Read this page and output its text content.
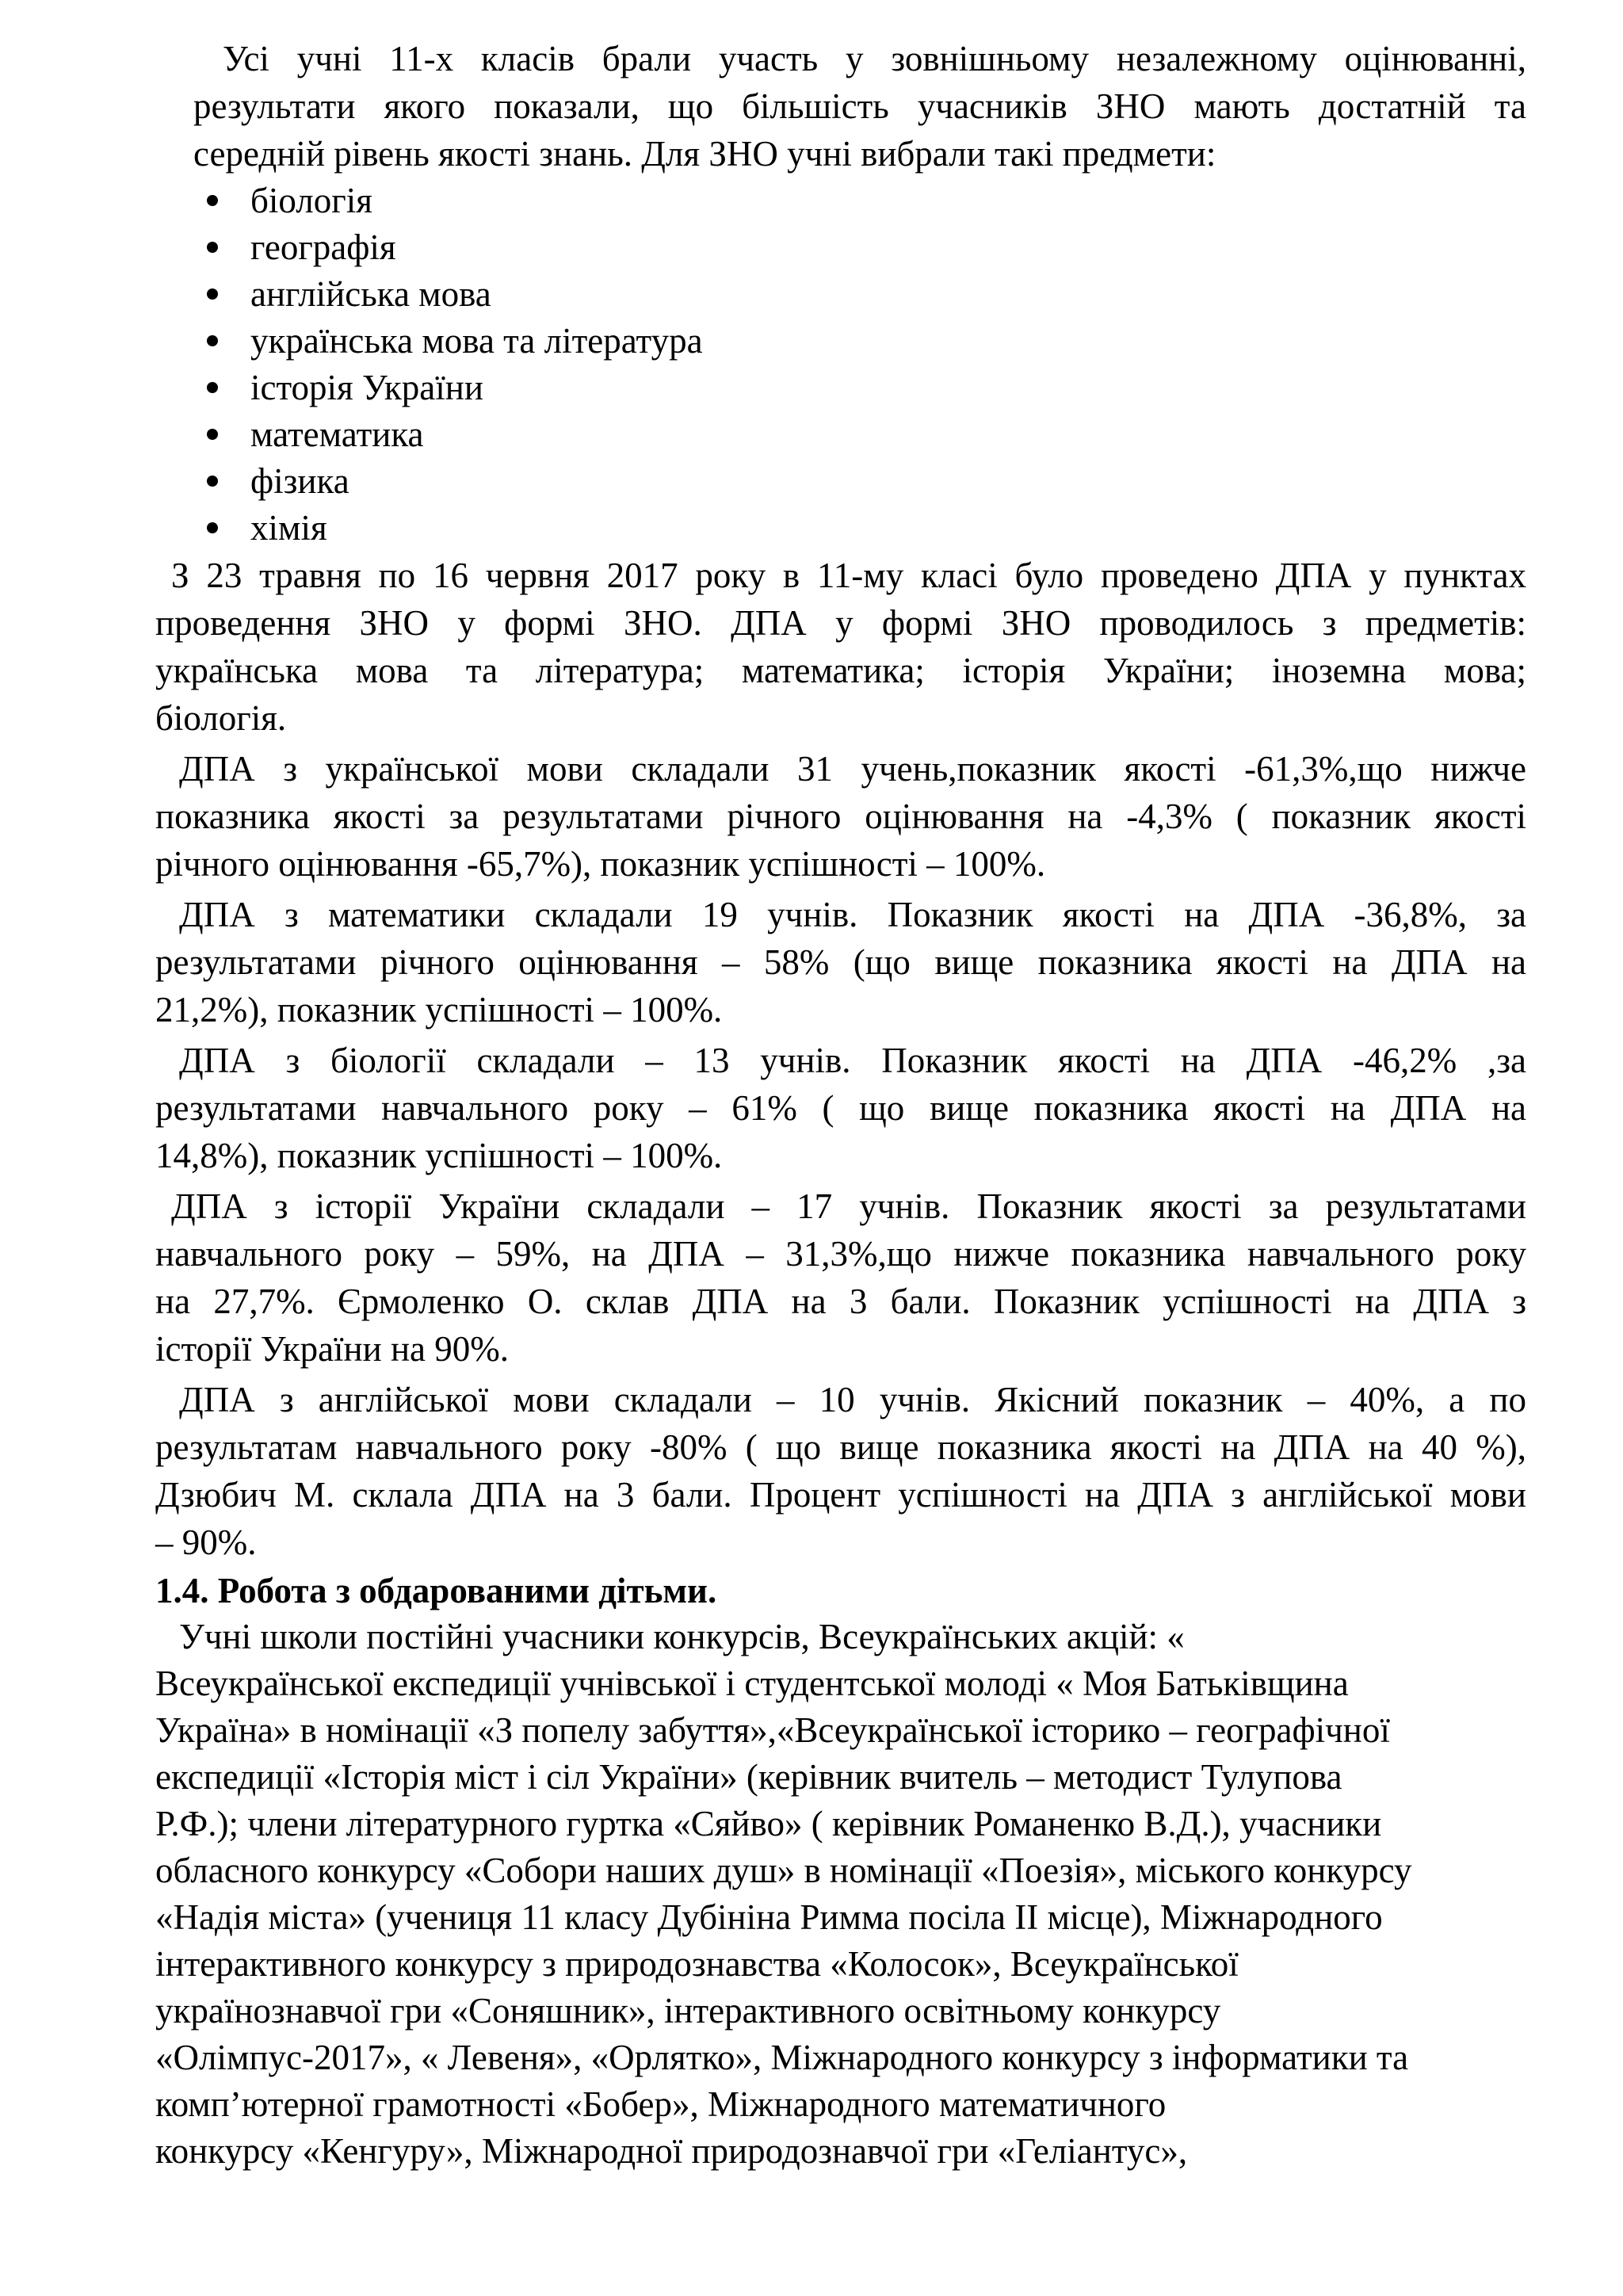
Усі учні 11-х класів брали участь у зовнішньому незалежному оцінюванні,

результати якого показали, що більшість учасників ЗНО мають достатній та

середній рівень якості знань. Для ЗНО учні вибрали такі предмети:

біологія
географія
англійська мова
українська мова та література
історія України
математика
фізика
хімія

З 23 травня по 16 червня 2017 року в 11-му класі було проведено ДПА у пунктах

проведення ЗНО у формі ЗНО. ДПА у формі ЗНО проводилось з предметів:

українська мова та література; математика; історія України; іноземна мова;

біологія.

ДПА з української мови складали 31 учень,показник якості -61,3%,що нижче

показника якості за результатами річного оцінювання на -4,3% ( показник якості

річного оцінювання -65,7%), показник успішності – 100%.

ДПА з математики складали 19 учнів. Показник якості на ДПА -36,8%, за

результатами річного оцінювання – 58% (що вище показника якості на ДПА на

21,2%), показник успішності – 100%.

ДПА з біології складали – 13 учнів. Показник якості на ДПА -46,2% ,за

результатами навчального року – 61% ( що вище показника якості на ДПА на

14,8%), показник успішності – 100%.

ДПА з історії України складали – 17 учнів. Показник якості за результатами

навчального року – 59%, на ДПА – 31,3%,що нижче показника навчального року

на 27,7%. Єрмоленко О. склав ДПА на 3 бали. Показник успішності на ДПА з

історії України на 90%.

ДПА з англійської мови складали – 10 учнів. Якісний показник – 40%, а по

результатам навчального року -80% ( що вище показника якості на ДПА на 40 %),

Дзюбич М. склала ДПА на 3 бали. Процент успішності на ДПА з англійської мови

– 90%.

1.4. Робота з обдарованими дітьми.

Учні школи постійні учасники конкурсів, Всеукраїнських акцій: «

Всеукраїнської експедиції учнівської і студентської молоді « Моя Батьківщина

Україна» в номінації «З попелу забуття»,«Всеукраїнської історико – географічної

експедиції «Історія міст і сіл України» (керівник вчитель – методист Тулупова

Р.Ф.); члени літературного гуртка «Сяйво» ( керівник Романенко В.Д.), учасники

обласного конкурсу «Собори наших душ» в номінації «Поезія», міського конкурсу

«Надія міста» (учениця 11 класу Дубініна Римма посіла ІІ місце), Міжнародного

інтерактивного конкурсу з природознавства «Колосок», Всеукраїнської

українознавчої гри «Соняшник», інтерактивного освітньому конкурсу

«Олімпус-2017», « Левеня», «Орлятко», Міжнародного конкурсу з інформатики та

комп’ютерної грамотності «Бобер», Міжнародного математичного

конкурсу «Кенгуру», Міжнародної природознавчої гри «Геліантус»,
